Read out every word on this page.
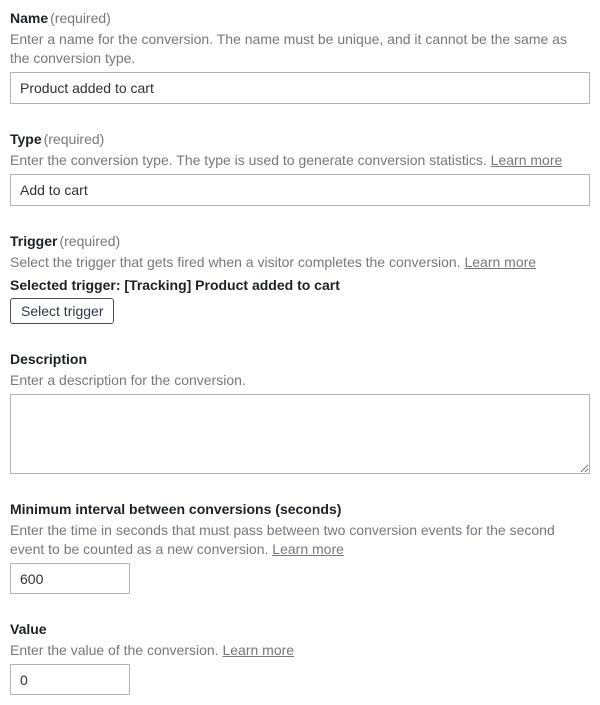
Name (required)
Enter a name for the conversion. The name must be unique, and it cannot be the same as the conversion type.
Product added to cart
Type (required)
Enter the conversion type. The type is used to generate conversion statistics. Learn more
Add to cart
Trigger (required)
Select the trigger that gets fired when a visitor completes the conversion. Learn more
Selected trigger: [Tracking] Product added to cart
Select trigger
Description
Enter a description for the conversion.
Minimum interval between conversions (seconds)
Enter the time in seconds that must pass between two conversion events for the second event to be counted as a new conversion. Learn more
600
Value
Enter the value of the conversion. Learn more
0
